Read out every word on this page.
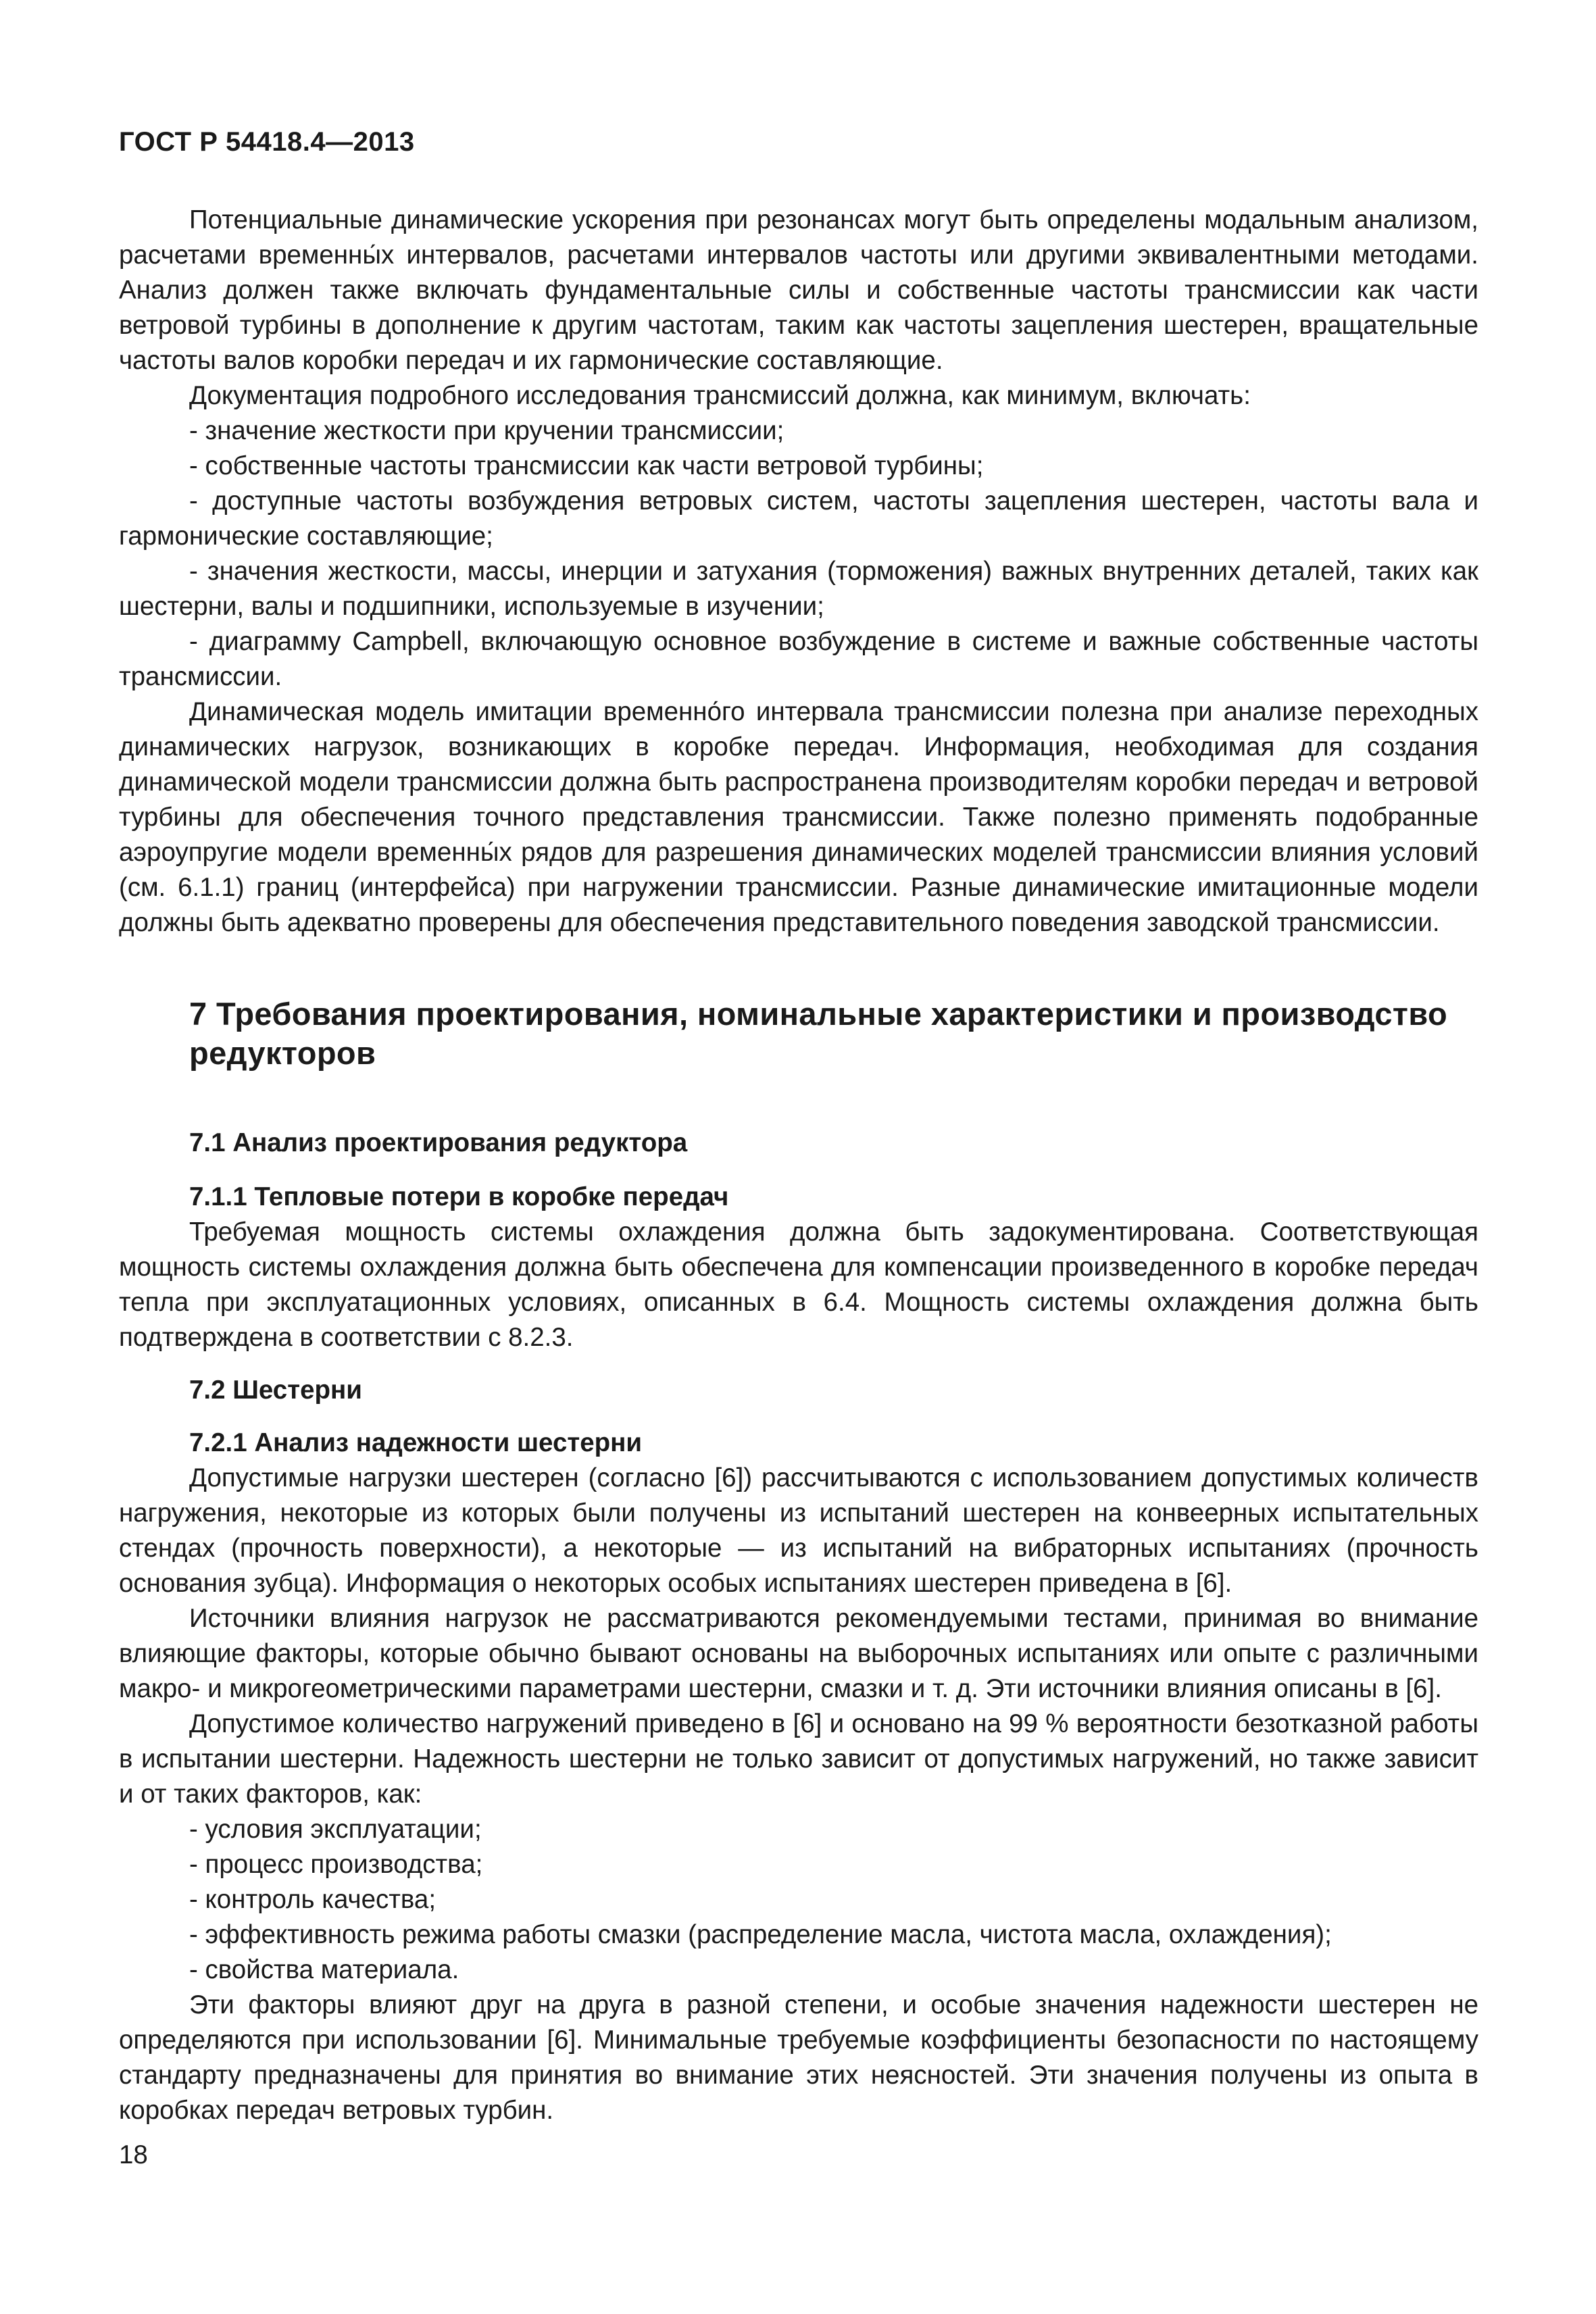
ГОСТ Р 54418.4—2013

Потенциальные динамические ускорения при резонансах могут быть определены модальным анализом, расчетами временны́х интервалов, расчетами интервалов частоты или другими эквивалентными методами. Анализ должен также включать фундаментальные силы и собственные частоты трансмиссии как части ветровой турбины в дополнение к другим частотам, таким как частоты зацепления шестерен, вращательные частоты валов коробки передач и их гармонические составляющие.

Документация подробного исследования трансмиссий должна, как минимум, включать:

- значение жесткости при кручении трансмиссии;

- собственные частоты трансмиссии как части ветровой турбины;

- доступные частоты возбуждения ветровых систем, частоты зацепления шестерен, частоты вала и гармонические составляющие;

- значения жесткости, массы, инерции и затухания (торможения) важных внутренних деталей, таких как шестерни, валы и подшипники, используемые в изучении;

- диаграмму Campbell, включающую основное возбуждение в системе и важные собственные частоты трансмиссии.

Динамическая модель имитации временно́го интервала трансмиссии полезна при анализе переходных динамических нагрузок, возникающих в коробке передач. Информация, необходимая для создания динамической модели трансмиссии должна быть распространена производителям коробки передач и ветровой турбины для обеспечения точного представления трансмиссии. Также полезно применять подобранные аэроупругие модели временны́х рядов для разрешения динамических моделей трансмиссии влияния условий (см. 6.1.1) границ (интерфейса) при нагружении трансмиссии. Разные динамические имитационные модели должны быть адекватно проверены для обеспечения представительного поведения заводской трансмиссии.

7 Требования проектирования, номинальные характеристики и производство редукторов
7.1 Анализ проектирования редуктора
7.1.1 Тепловые потери в коробке передач

Требуемая мощность системы охлаждения должна быть задокументирована. Соответствующая мощность системы охлаждения должна быть обеспечена для компенсации произведенного в коробке передач тепла при эксплуатационных условиях, описанных в 6.4. Мощность системы охлаждения должна быть подтверждена в соответствии с 8.2.3.

7.2 Шестерни
7.2.1 Анализ надежности шестерни

Допустимые нагрузки шестерен (согласно [6]) рассчитываются с использованием допустимых количеств нагружения, некоторые из которых были получены из испытаний шестерен на конвеерных испытательных стендах (прочность поверхности), а некоторые — из испытаний на вибраторных испытаниях (прочность основания зубца). Информация о некоторых особых испытаниях шестерен приведена в [6].

Источники влияния нагрузок не рассматриваются рекомендуемыми тестами, принимая во внимание влияющие факторы, которые обычно бывают основаны на выборочных испытаниях или опыте с различными макро- и микрогеометрическими параметрами шестерни, смазки и т. д. Эти источники влияния описаны в [6].

Допустимое количество нагружений приведено в [6] и основано на 99 % вероятности безотказной работы в испытании шестерни. Надежность шестерни не только зависит от допустимых нагружений, но также зависит и от таких факторов, как:

- условия эксплуатации;

- процесс производства;

- контроль качества;

- эффективность режима работы смазки (распределение масла, чистота масла, охлаждения);

- свойства материала.

Эти факторы влияют друг на друга в разной степени, и особые значения надежности шестерен не определяются при использовании [6]. Минимальные требуемые коэффициенты безопасности по настоящему стандарту предназначены для принятия во внимание этих неясностей. Эти значения получены из опыта в коробках передач ветровых турбин.

18
